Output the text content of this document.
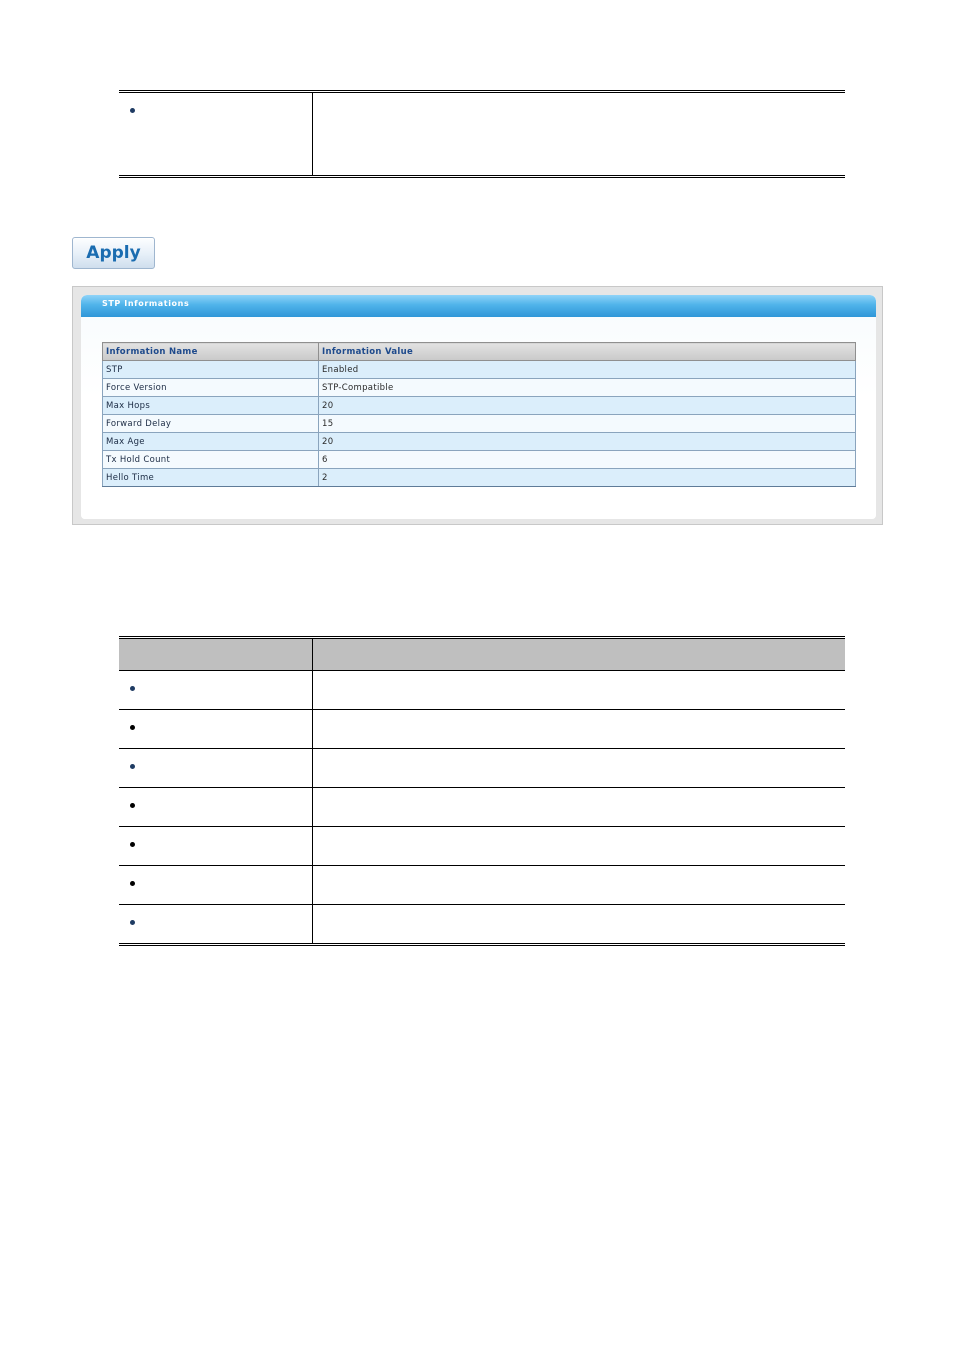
Apply
STP Informations
Information Name	Information Value
STP	Enabled
Force Version	STP-Compatible
Max Hops	20
Forward Delay	15
Max Age	20
Tx Hold Count	6
Hello Time	2
